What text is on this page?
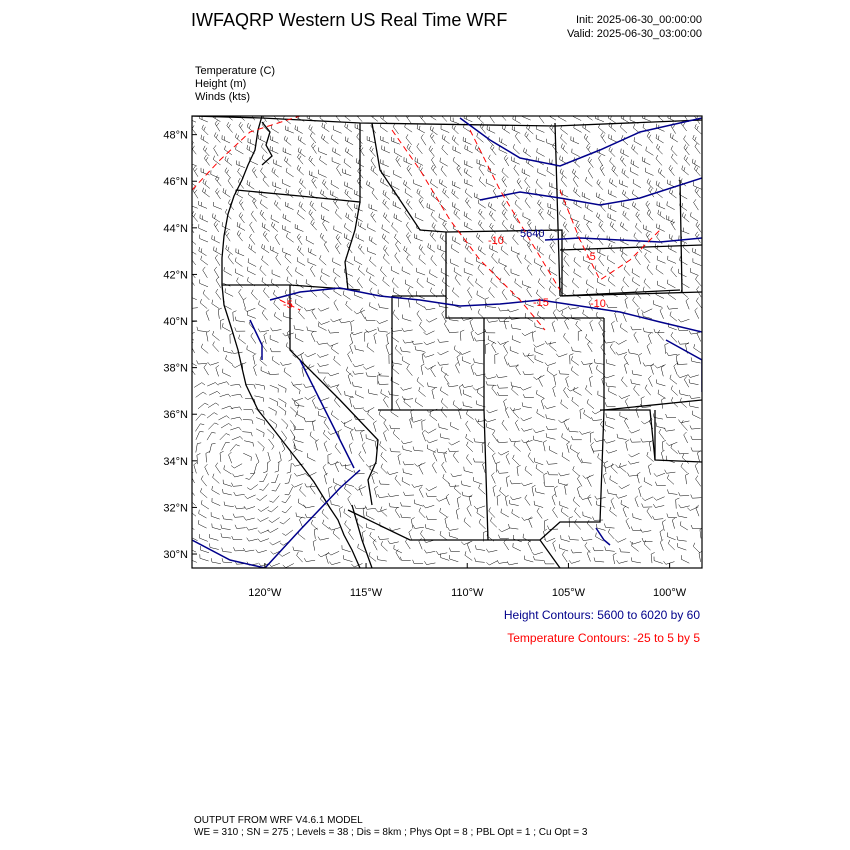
IWFAQRP Western US Real Time WRF	Init: 2025-06-30_00:00:00
Valid: 2025-06-30_03:00:00
Temperature (C)
Height (m)
Winds (kts)
5640
-10
-15	-10
-5
-5
48°N
46°N
44°N
42°N
40°N
38°N
36°N
34°N
32°N
30°N
120°W	115°W	110°W	105°W	100°W
Height Contours: 5600 to 6020 by 60
Temperature Contours: -25 to 5 by 5
OUTPUT FROM WRF V4.6.1 MODEL
WE = 310 ; SN = 275 ; Levels = 38 ; Dis = 8km ; Phys Opt = 8 ; PBL Opt = 1 ; Cu Opt = 3
